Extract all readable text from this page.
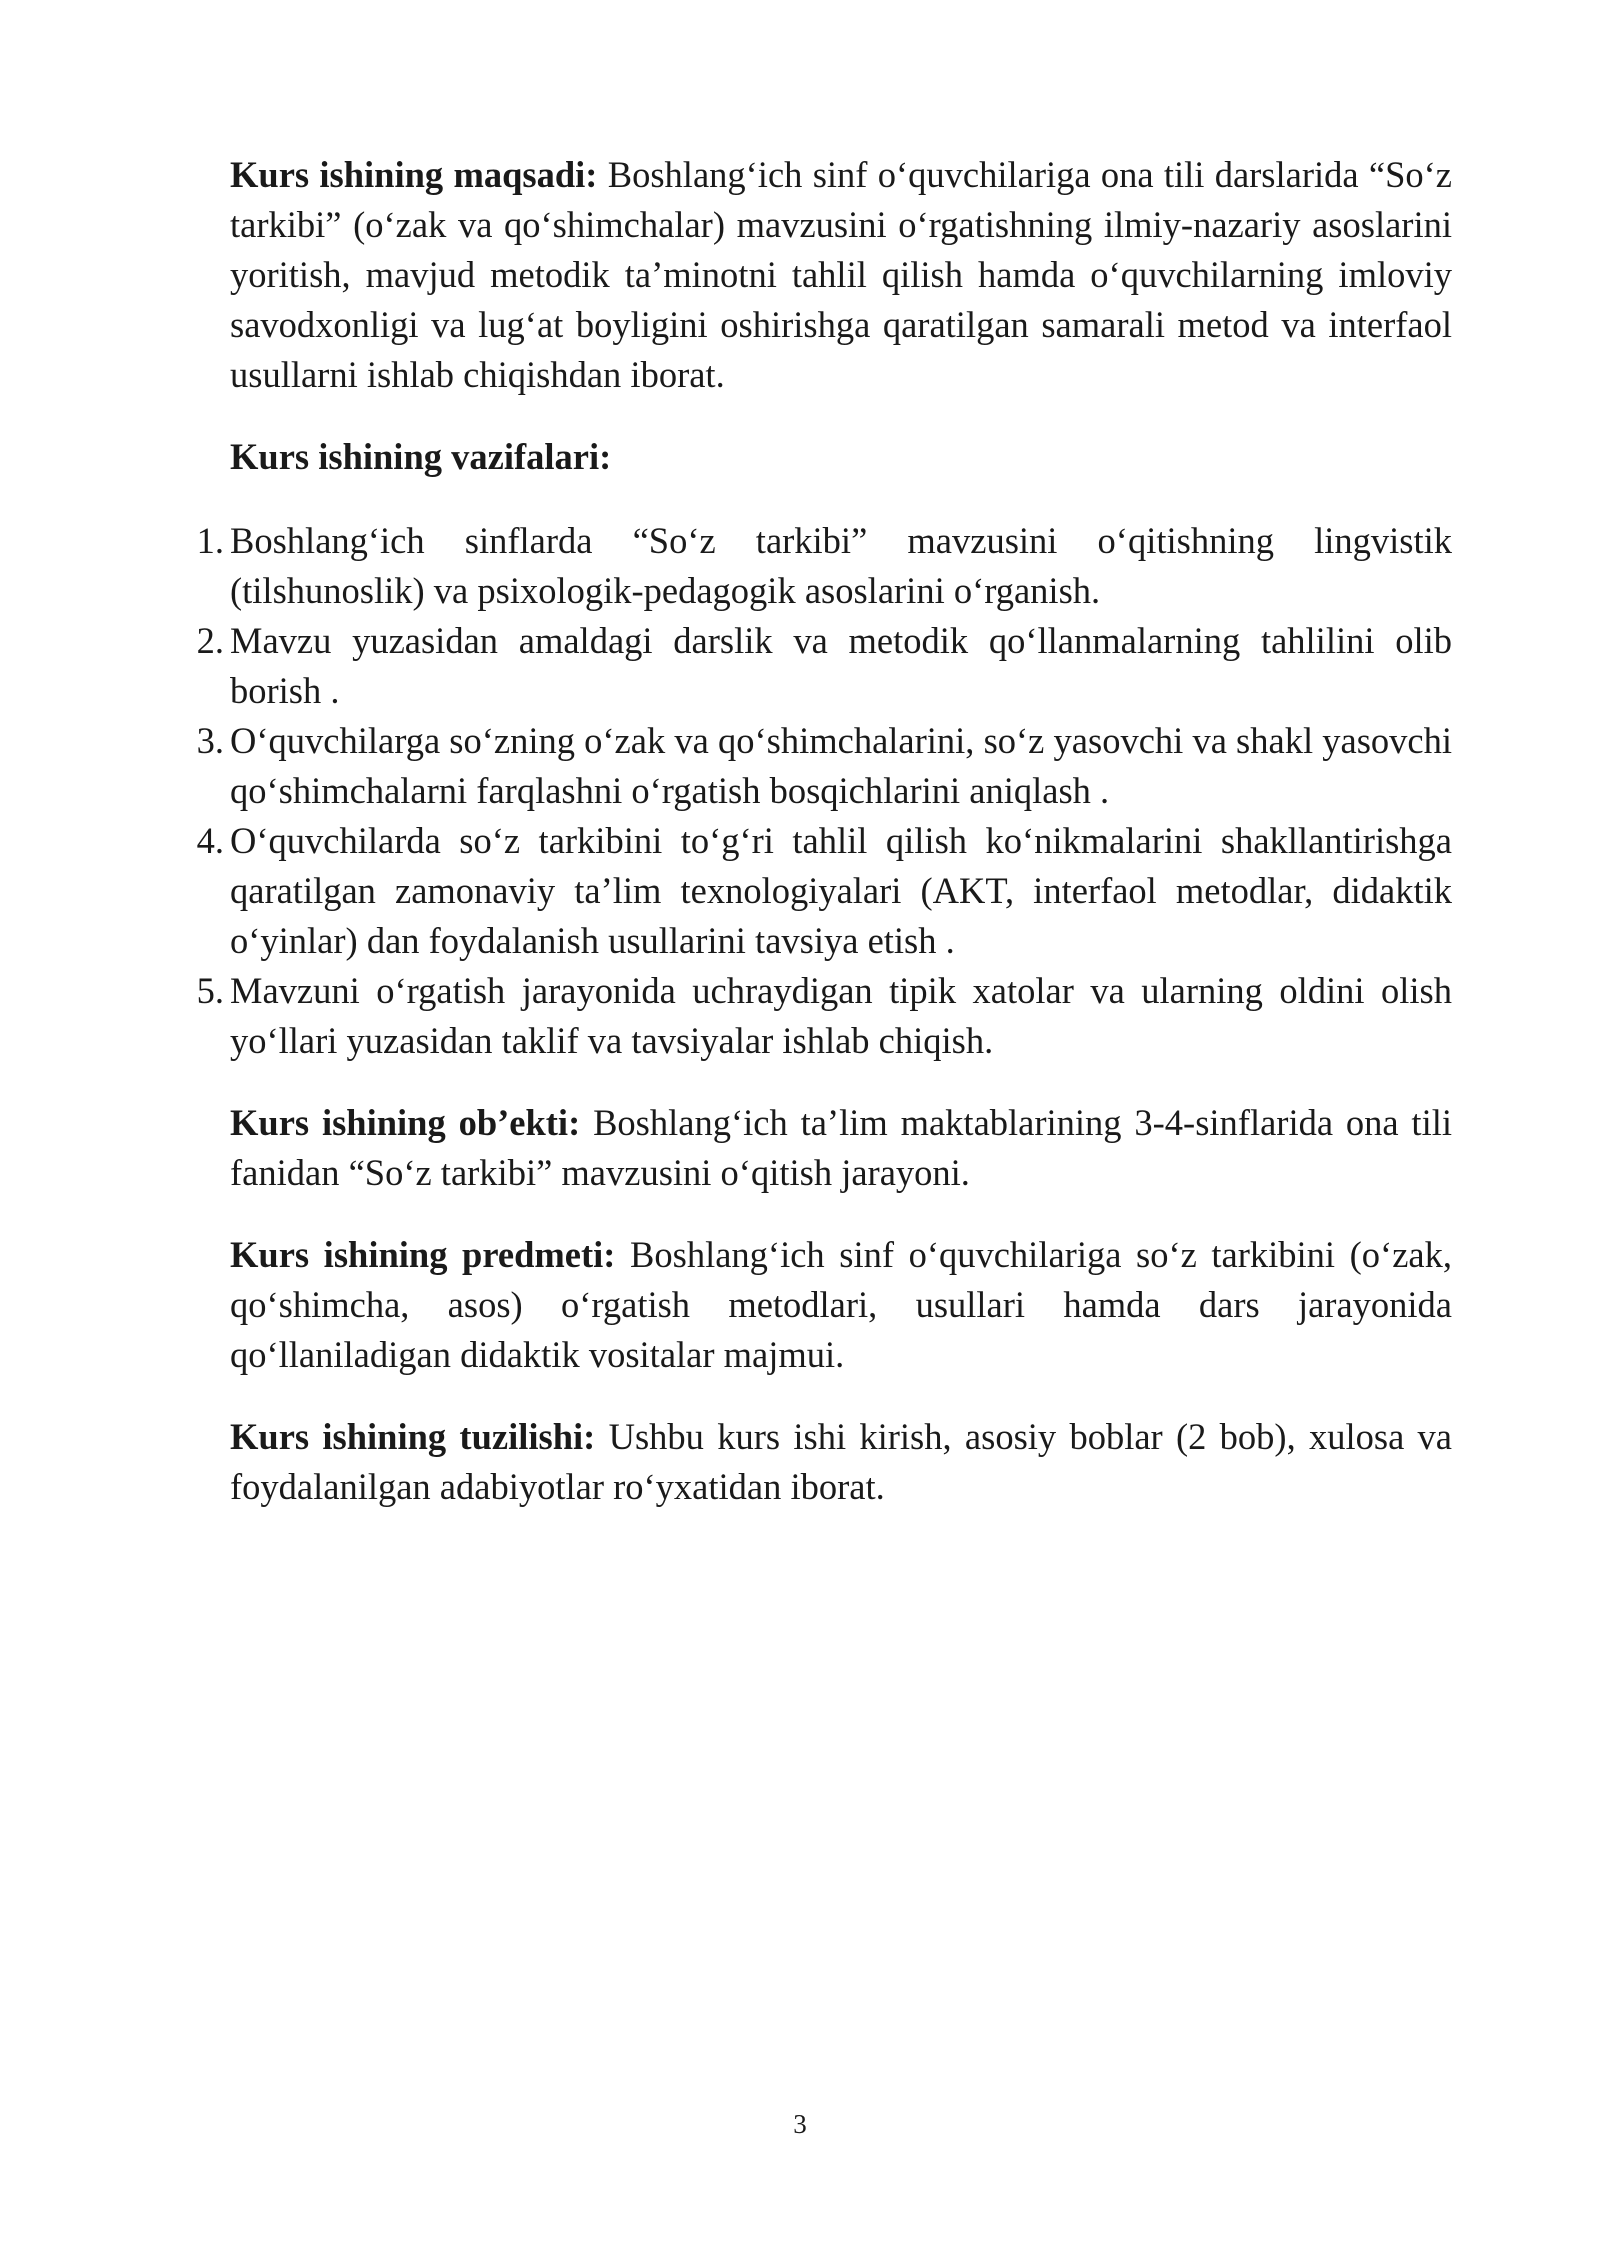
Kurs ishining maqsadi: Boshlang‘ich sinf o‘quvchilariga ona tili darslarida “So‘z tarkibi” (o‘zak va qo‘shimchalar) mavzusini o‘rgatishning ilmiy-nazariy asoslarini yoritish, mavjud metodik ta’minotni tahlil qilish hamda o‘quvchilarning imloviy savodxonligi va lug‘at boyligini oshirishga qaratilgan samarali metod va interfaol usullarni ishlab chiqishdan iborat.

Kurs ishining vazifalari:

1. Boshlang‘ich sinflarda “So‘z tarkibi” mavzusini o‘qitishning lingvistik (tilshunoslik) va psixologik-pedagogik asoslarini o‘rganish.
2. Mavzu yuzasidan amaldagi darslik va metodik qo‘llanmalarning tahlilini olib borish .
3. O‘quvchilarga so‘zning o‘zak va qo‘shimchalarini, so‘z yasovchi va shakl yasovchi qo‘shimchalarni farqlashni o‘rgatish bosqichlarini aniqlash .
4. O‘quvchilarda so‘z tarkibini to‘g‘ri tahlil qilish ko‘nikmalarini shakllantirishga qaratilgan zamonaviy ta’lim texnologiyalari (AKT, interfaol metodlar, didaktik o‘yinlar) dan foydalanish usullarini tavsiya etish .
5. Mavzuni o‘rgatish jarayonida uchraydigan tipik xatolar va ularning oldini olish yo‘llari yuzasidan taklif va tavsiyalar ishlab chiqish.

Kurs ishining ob’ekti: Boshlang‘ich ta’lim maktablarining 3-4-sinflarida ona tili fanidan “So‘z tarkibi” mavzusini o‘qitish jarayoni.

Kurs ishining predmeti: Boshlang‘ich sinf o‘quvchilariga so‘z tarkibini (o‘zak, qo‘shimcha, asos) o‘rgatish metodlari, usullari hamda dars jarayonida qo‘llaniladigan didaktik vositalar majmui.

Kurs ishining tuzilishi: Ushbu kurs ishi kirish, asosiy boblar (2 bob), xulosa va foydalanilgan adabiyotlar ro‘yxatidan iborat.

3
